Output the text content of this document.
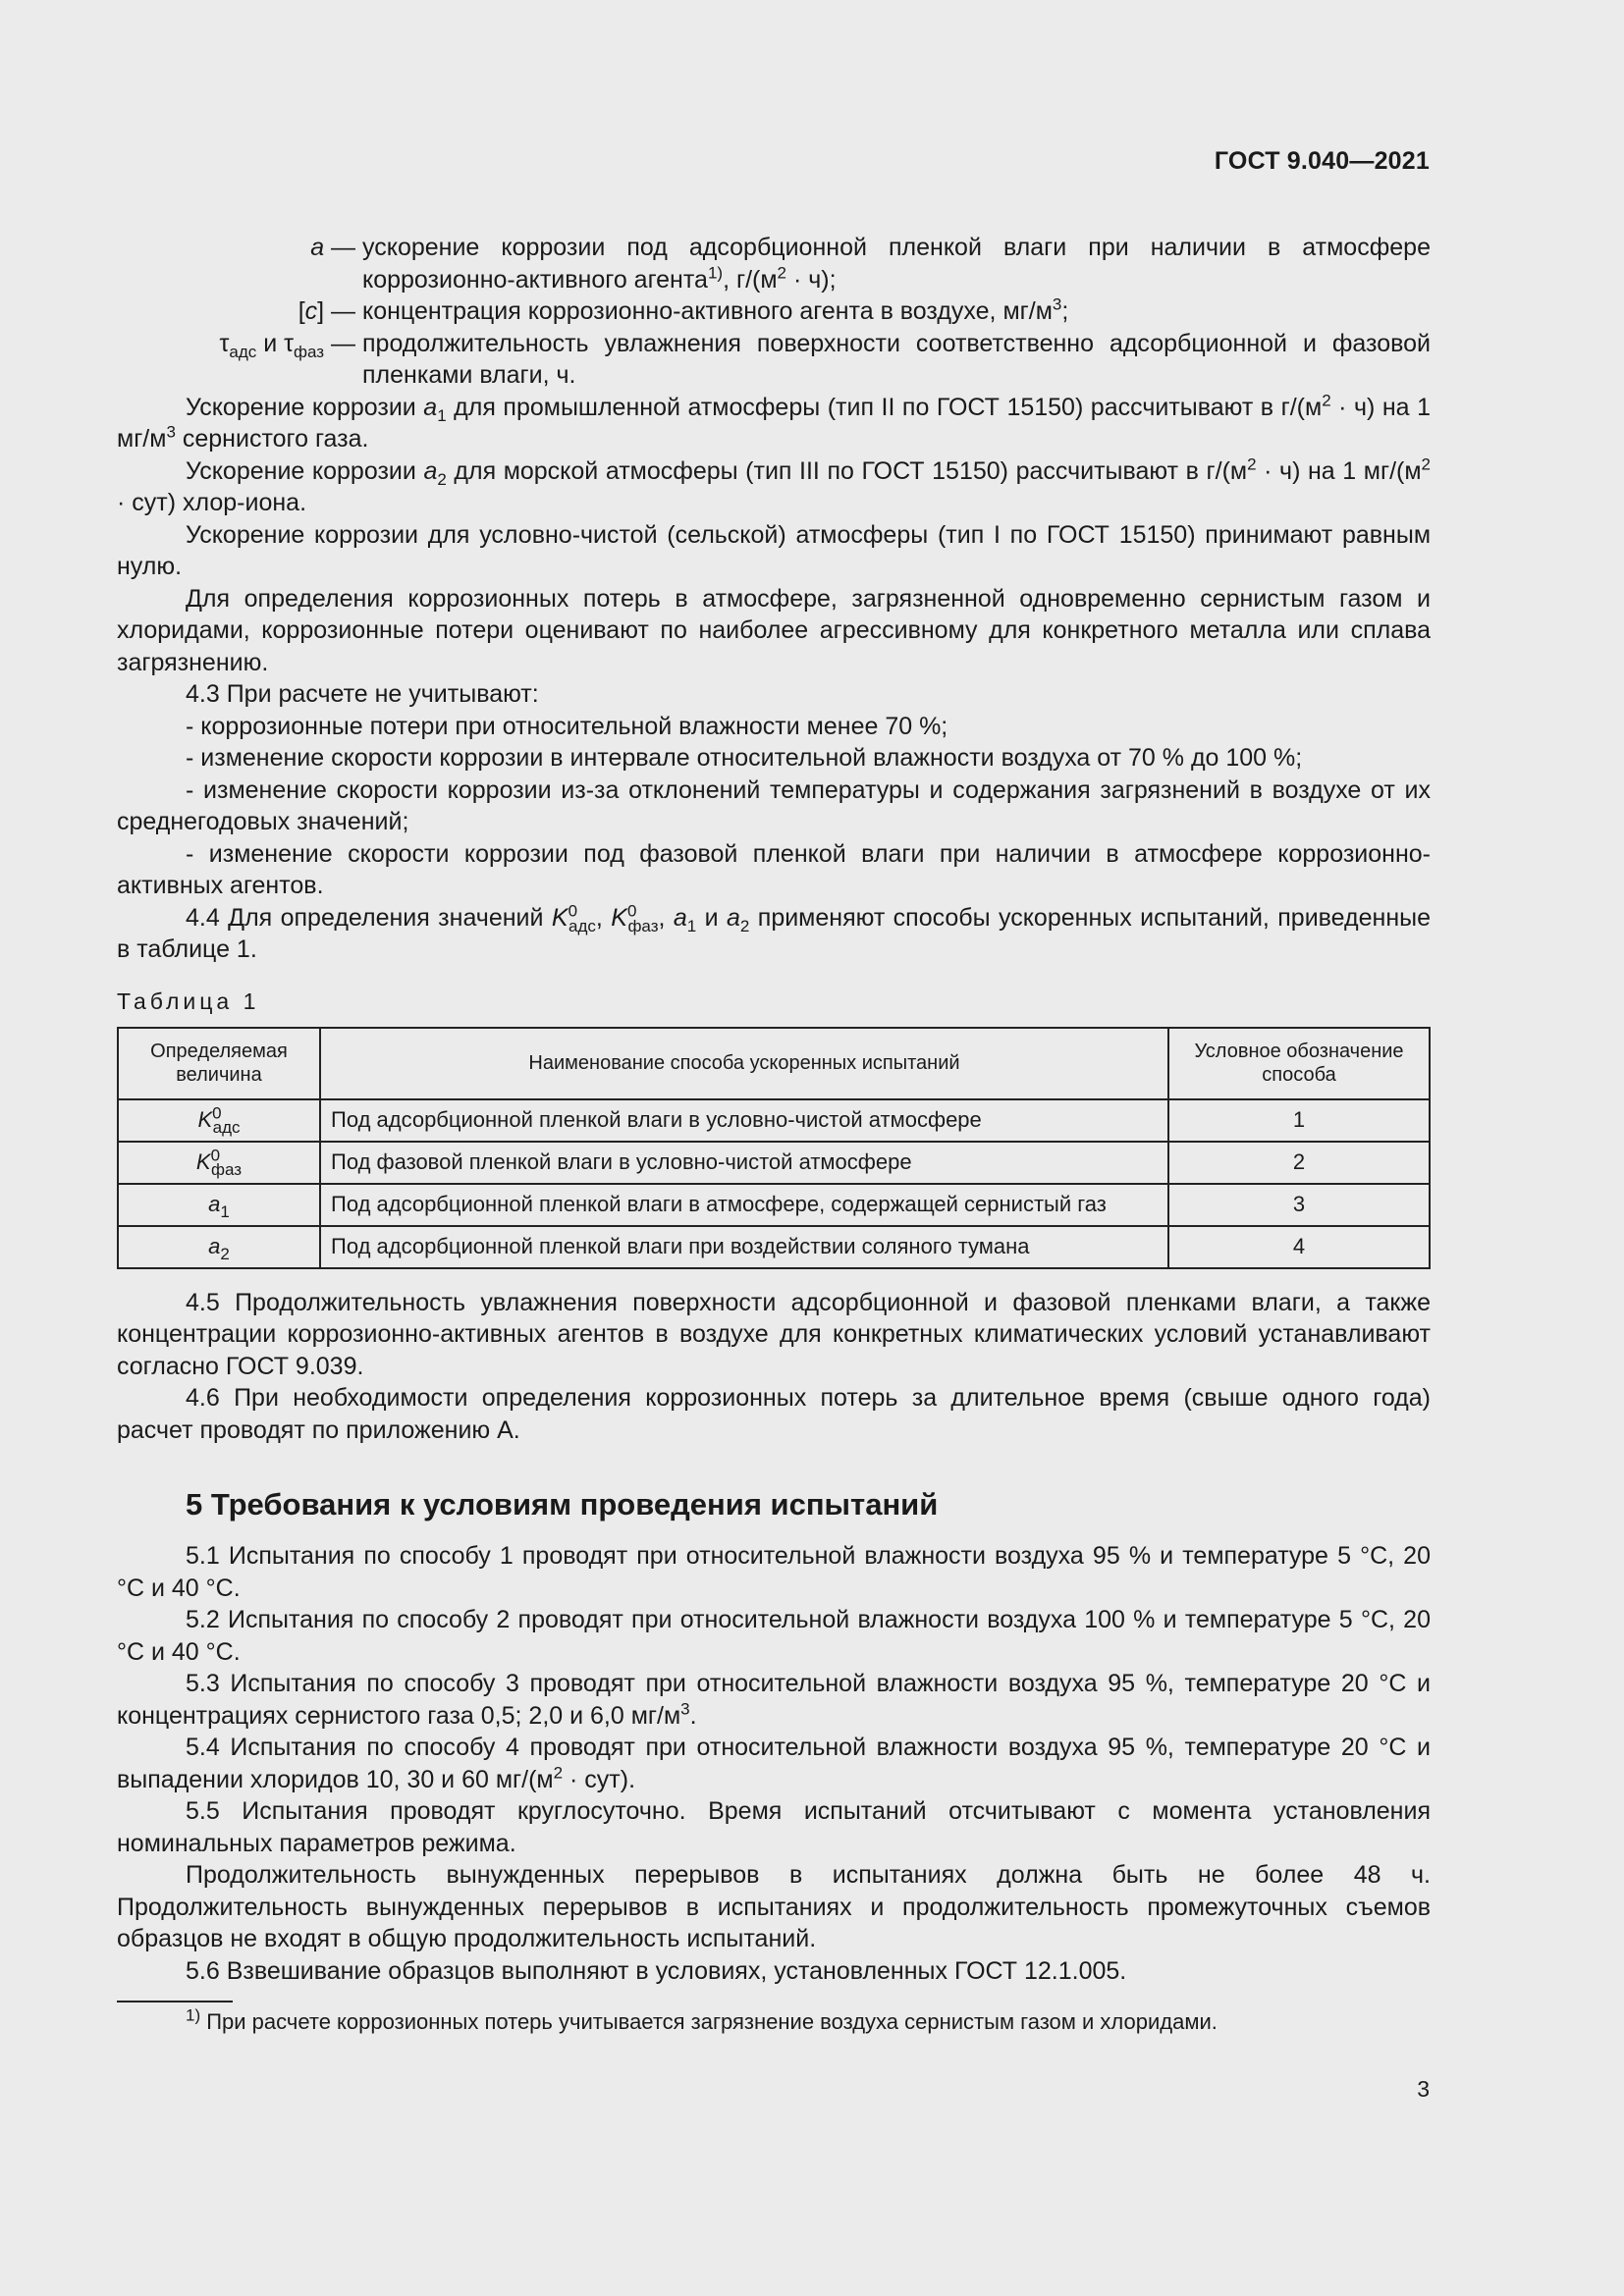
ГОСТ 9.040—2021
a —	ускорение коррозии под адсорбционной пленкой влаги при наличии в атмосфере коррозионно-активного агента$^{1)}$, $г/(м^2 \cdot ч)$;
[c] —	концентрация коррозионно-активного агента в воздухе, $мг/м^3$;
$\tau_{адс}$ и $\tau_{фаз}$ —	продолжительность увлажнения поверхности соответственно адсорбционной и фазовой пленками влаги, ч.

Ускорение коррозии $a_1$ для промышленной атмосферы (тип II по ГОСТ 15150) рассчитывают в $г/(м^2 \cdot ч)$ на 1 $мг/м^3$ сернистого газа.

Ускорение коррозии $a_2$ для морской атмосферы (тип III по ГОСТ 15150) рассчитывают в $г/(м^2 \cdot ч)$ на 1 $мг/(м^2 \cdot сут)$ хлор-иона.

Ускорение коррозии для условно-чистой (сельской) атмосферы (тип I по ГОСТ 15150) принимают равным нулю.

Для определения коррозионных потерь в атмосфере, загрязненной одновременно сернистым газом и хлоридами, коррозионные потери оценивают по наиболее агрессивному для конкретного металла или сплава загрязнению.

4.3 При расчете не учитывают:

- коррозионные потери при относительной влажности менее 70 %;

- изменение скорости коррозии в интервале относительной влажности воздуха от 70 % до 100 %;

- изменение скорости коррозии из-за отклонений температуры и содержания загрязнений в воздухе от их среднегодовых значений;

- изменение скорости коррозии под фазовой пленкой влаги при наличии в атмосфере коррозионно-активных агентов.

4.4 Для определения значений $K^0_{адс}$, $K^0_{фаз}$, $a_1$ и $a_2$ применяют способы ускоренных испытаний, приведенные в таблице 1.

Таблица 1
Определяемая величина	Наименование способа ускоренных испытаний	Условное обозначение способа
$K^0_{адс}$	Под адсорбционной пленкой влаги в условно-чистой атмосфере	1
$K^0_{фаз}$	Под фазовой пленкой влаги в условно-чистой атмосфере	2
$a_1$	Под адсорбционной пленкой влаги в атмосфере, содержащей сернистый газ	3
$a_2$	Под адсорбционной пленкой влаги при воздействии соляного тумана	4

4.5 Продолжительность увлажнения поверхности адсорбционной и фазовой пленками влаги, а также концентрации коррозионно-активных агентов в воздухе для конкретных климатических условий устанавливают согласно ГОСТ 9.039.

4.6 При необходимости определения коррозионных потерь за длительное время (свыше одного года) расчет проводят по приложению А.

5 Требования к условиям проведения испытаний

5.1 Испытания по способу 1 проводят при относительной влажности воздуха 95 % и температуре 5 °С, 20 °С и 40 °С.

5.2 Испытания по способу 2 проводят при относительной влажности воздуха 100 % и температуре 5 °С, 20 °С и 40 °С.

5.3 Испытания по способу 3 проводят при относительной влажности воздуха 95 %, температуре 20 °С и концентрациях сернистого газа 0,5; 2,0 и 6,0 $мг/м^3$.

5.4 Испытания по способу 4 проводят при относительной влажности воздуха 95 %, температуре 20 °С и выпадении хлоридов 10, 30 и 60 $мг/(м^2 \cdot сут)$.

5.5 Испытания проводят круглосуточно. Время испытаний отсчитывают с момента установления номинальных параметров режима.

Продолжительность вынужденных перерывов в испытаниях должна быть не более 48 ч. Продолжительность вынужденных перерывов в испытаниях и продолжительность промежуточных съемов образцов не входят в общую продолжительность испытаний.

5.6 Взвешивание образцов выполняют в условиях, установленных ГОСТ 12.1.005.

$^{1)}$ При расчете коррозионных потерь учитывается загрязнение воздуха сернистым газом и хлоридами.
3
